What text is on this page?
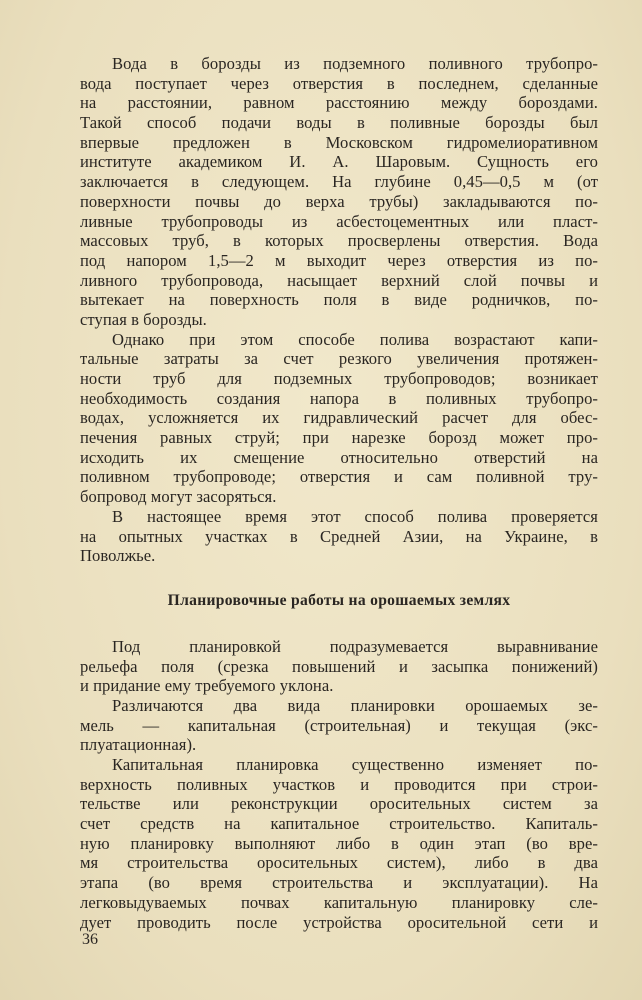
Вода в борозды из подземного поливного трубопро-
вода поступает через отверстия в последнем, сделанные
на расстоянии, равном расстоянию между бороздами.
Такой способ подачи воды в поливные борозды был
впервые предложен в Московском гидромелиоративном
институте академиком И. А. Шаровым. Сущность его
заключается в следующем. На глубине 0,45—0,5 м (от
поверхности почвы до верха трубы) закладываются по-
ливные трубопроводы из асбестоцементных или пласт-
массовых труб, в которых просверлены отверстия. Вода
под напором 1,5—2 м выходит через отверстия из по-
ливного трубопровода, насыщает верхний слой почвы и
вытекает на поверхность поля в виде родничков, по-
ступая в борозды.
Однако при этом способе полива возрастают капи-
тальные затраты за счет резкого увеличения протяжен-
ности труб для подземных трубопроводов; возникает
необходимость создания напора в поливных трубопро-
водах, усложняется их гидравлический расчет для обес-
печения равных струй; при нарезке борозд может про-
исходить их смещение относительно отверстий на
поливном трубопроводе; отверстия и сам поливной тру-
бопровод могут засоряться.
В настоящее время этот способ полива проверяется
на опытных участках в Средней Азии, на Украине, в
Поволжье.
Планировочные работы на орошаемых землях
Под планировкой подразумевается выравнивание
рельефа поля (срезка повышений и засыпка понижений)
и придание ему требуемого уклона.
Различаются два вида планировки орошаемых зе-
мель — капитальная (строительная) и текущая (экс-
плуатационная).
Капитальная планировка существенно изменяет по-
верхность поливных участков и проводится при строи-
тельстве или реконструкции оросительных систем за
счет средств на капитальное строительство. Капиталь-
ную планировку выполняют либо в один этап (во вре-
мя строительства оросительных систем), либо в два
этапа (во время строительства и эксплуатации). На
легковыдуваемых почвах капитальную планировку сле-
дует проводить после устройства оросительной сети и
36
